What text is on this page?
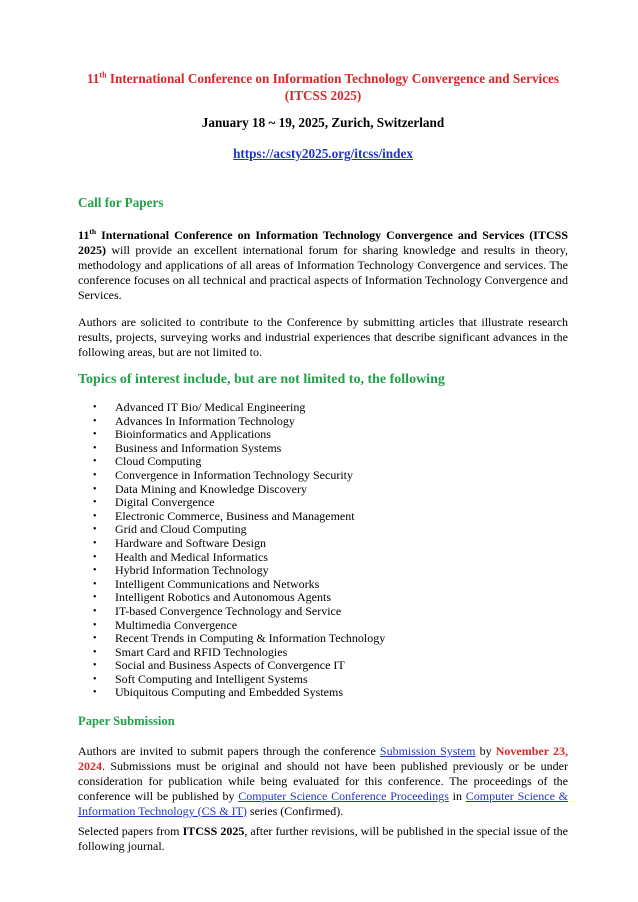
11th International Conference on Information Technology Convergence and Services
(ITCSS 2025)
January 18 ~ 19, 2025, Zurich, Switzerland
https://acsty2025.org/itcss/index
Call for Papers
11th International Conference on Information Technology Convergence and Services (ITCSS 2025) will provide an excellent international forum for sharing knowledge and results in theory, methodology and applications of all areas of Information Technology Convergence and services. The conference focuses on all technical and practical aspects of Information Technology Convergence and Services.
Authors are solicited to contribute to the Conference by submitting articles that illustrate research results, projects, surveying works and industrial experiences that describe significant advances in the following areas, but are not limited to.
Topics of interest include, but are not limited to, the following
• Advanced IT Bio/ Medical Engineering
• Advances In Information Technology
• Bioinformatics and Applications
• Business and Information Systems
• Cloud Computing
• Convergence in Information Technology Security
• Data Mining and Knowledge Discovery
• Digital Convergence
• Electronic Commerce, Business and Management
• Grid and Cloud Computing
• Hardware and Software Design
• Health and Medical Informatics
• Hybrid Information Technology
• Intelligent Communications and Networks
• Intelligent Robotics and Autonomous Agents
• IT-based Convergence Technology and Service
• Multimedia Convergence
• Recent Trends in Computing & Information Technology
• Smart Card and RFID Technologies
• Social and Business Aspects of Convergence IT
• Soft Computing and Intelligent Systems
• Ubiquitous Computing and Embedded Systems
Paper Submission
Authors are invited to submit papers through the conference Submission System by November 23, 2024. Submissions must be original and should not have been published previously or be under consideration for publication while being evaluated for this conference. The proceedings of the conference will be published by Computer Science Conference Proceedings in Computer Science & Information Technology (CS & IT) series (Confirmed).
Selected papers from ITCSS 2025, after further revisions, will be published in the special issue of the following journal.
